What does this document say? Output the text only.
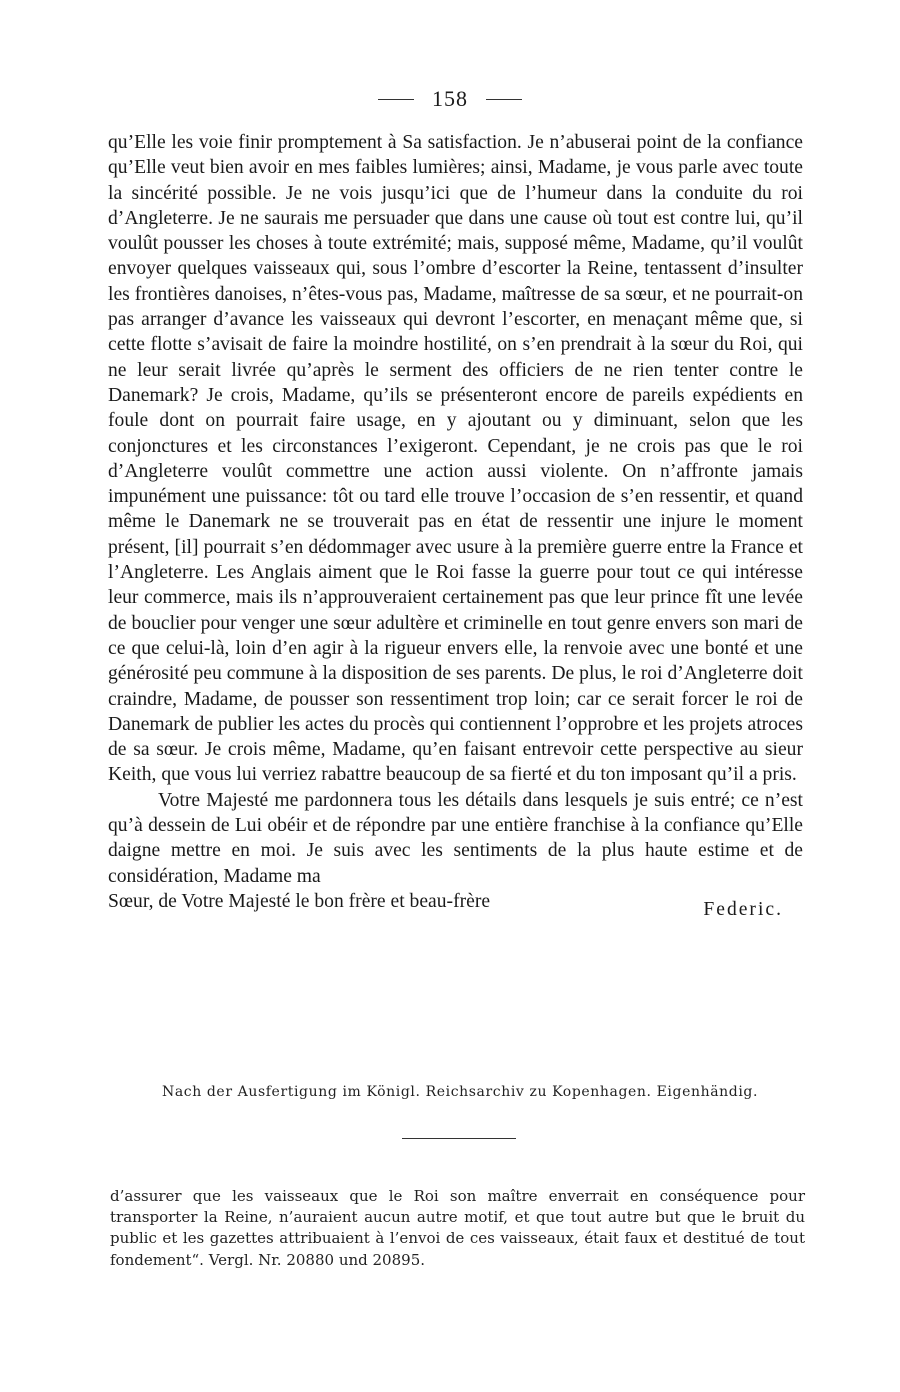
158

qu’Elle les voie finir promptement à Sa satisfaction. Je n’abuserai point de la confiance qu’Elle veut bien avoir en mes faibles lumières; ainsi, Madame, je vous parle avec toute la sincérité possible. Je ne vois jusqu’ici que de l’humeur dans la conduite du roi d’Angleterre. Je ne saurais me persuader que dans une cause où tout est contre lui, qu’il voulût pousser les choses à toute extrémité; mais, supposé même, Madame, qu’il voulût envoyer quelques vaisseaux qui, sous l’ombre d’escorter la Reine, tentassent d’insulter les frontières danoises, n’êtes-vous pas, Madame, maîtresse de sa sœur, et ne pourrait-on pas arranger d’avance les vaisseaux qui devront l’escorter, en menaçant même que, si cette flotte s’avisait de faire la moindre hostilité, on s’en prendrait à la sœur du Roi, qui ne leur serait livrée qu’après le serment des officiers de ne rien tenter contre le Danemark? Je crois, Madame, qu’ils se présenteront encore de pareils expédients en foule dont on pourrait faire usage, en y ajoutant ou y diminuant, selon que les conjonctures et les circonstances l’exigeront. Cependant, je ne crois pas que le roi d’Angleterre voulût commettre une action aussi violente. On n’affronte jamais impunément une puissance: tôt ou tard elle trouve l’occasion de s’en ressentir, et quand même le Danemark ne se trouverait pas en état de ressentir une injure le moment présent, [il] pourrait s’en dédommager avec usure à la première guerre entre la France et l’Angleterre. Les Anglais aiment que le Roi fasse la guerre pour tout ce qui intéresse leur commerce, mais ils n’approuveraient certainement pas que leur prince fît une levée de bouclier pour venger une sœur adultère et criminelle en tout genre envers son mari de ce que celui-là, loin d’en agir à la rigueur envers elle, la renvoie avec une bonté et une générosité peu commune à la disposition de ses parents. De plus, le roi d’Angleterre doit craindre, Madame, de pousser son ressentiment trop loin; car ce serait forcer le roi de Danemark de publier les actes du procès qui contiennent l’opprobre et les projets atroces de sa sœur. Je crois même, Madame, qu’en faisant entrevoir cette perspective au sieur Keith, que vous lui verriez rabattre beaucoup de sa fierté et du ton imposant qu’il a pris.

Votre Majesté me pardonnera tous les détails dans lesquels je suis entré; ce n’est qu’à dessein de Lui obéir et de répondre par une entière franchise à la confiance qu’Elle daigne mettre en moi. Je suis avec les sentiments de la plus haute estime et de considération, Madame ma

Sœur, de Votre Majesté le bon frère et beau-frère	Federic.
Nach der Ausfertigung im Königl. Reichsarchiv zu Kopenhagen. Eigenhändig.
d’assurer que les vaisseaux que le Roi son maître enverrait en conséquence pour transporter la Reine, n’auraient aucun autre motif, et que tout autre but que le bruit du public et les gazettes attribuaient à l’envoi de ces vaisseaux, était faux et destitué de tout fondement“. Vergl. Nr. 20880 und 20895.
